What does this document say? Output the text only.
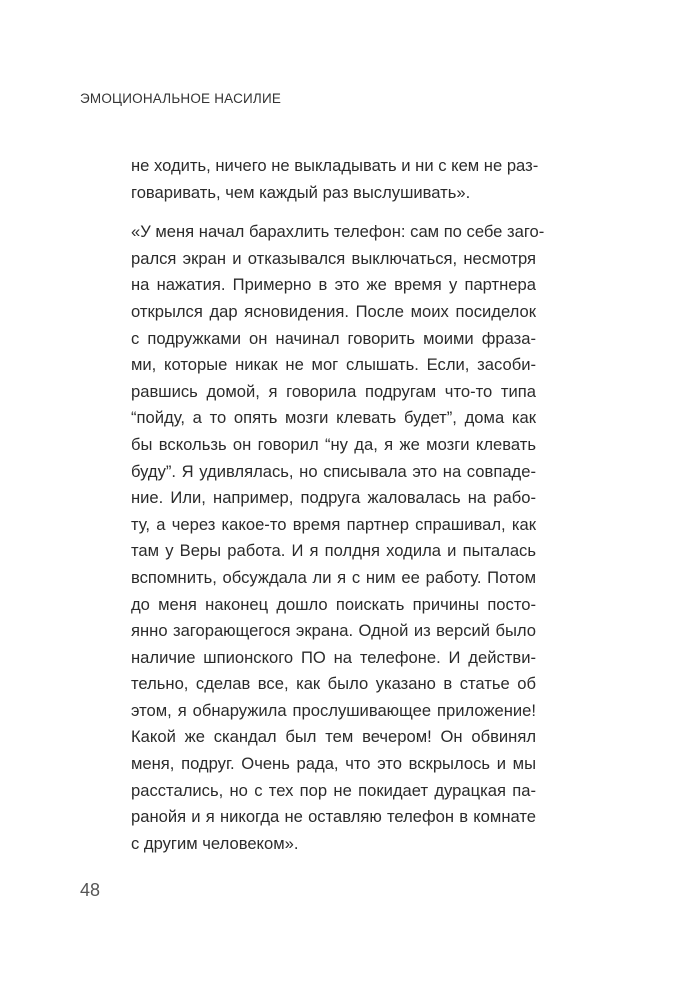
ЭМОЦИОНАЛЬНОЕ НАСИЛИЕ
не ходить, ничего не выкладывать и ни с кем не раз-
говаривать, чем каждый раз выслушивать».
«У меня начал барахлить телефон: сам по себе заго-
рался экран и отказывался выключаться, несмотря
на нажатия. Примерно в это же время у партнера
открылся дар ясновидения. После моих посиделок
с подружками он начинал говорить моими фраза-
ми, которые никак не мог слышать. Если, засоби-
равшись домой, я говорила подругам что-то типа
“пойду, а то опять мозги клевать будет”, дома как
бы вскользь он говорил “ну да, я же мозги клевать
буду”. Я удивлялась, но списывала это на совпаде-
ние. Или, например, подруга жаловалась на рабо-
ту, а через какое-то время партнер спрашивал, как
там у Веры работа. И я полдня ходила и пыталась
вспомнить, обсуждала ли я с ним ее работу. Потом
до меня наконец дошло поискать причины посто-
янно загорающегося экрана. Одной из версий было
наличие шпионского ПО на телефоне. И действи-
тельно, сделав все, как было указано в статье об
этом, я обнаружила прослушивающее приложение!
Какой же скандал был тем вечером! Он обвинял
меня, подруг. Очень рада, что это вскрылось и мы
расстались, но с тех пор не покидает дурацкая па-
ранойя и я никогда не оставляю телефон в комнате
с другим человеком».
48
